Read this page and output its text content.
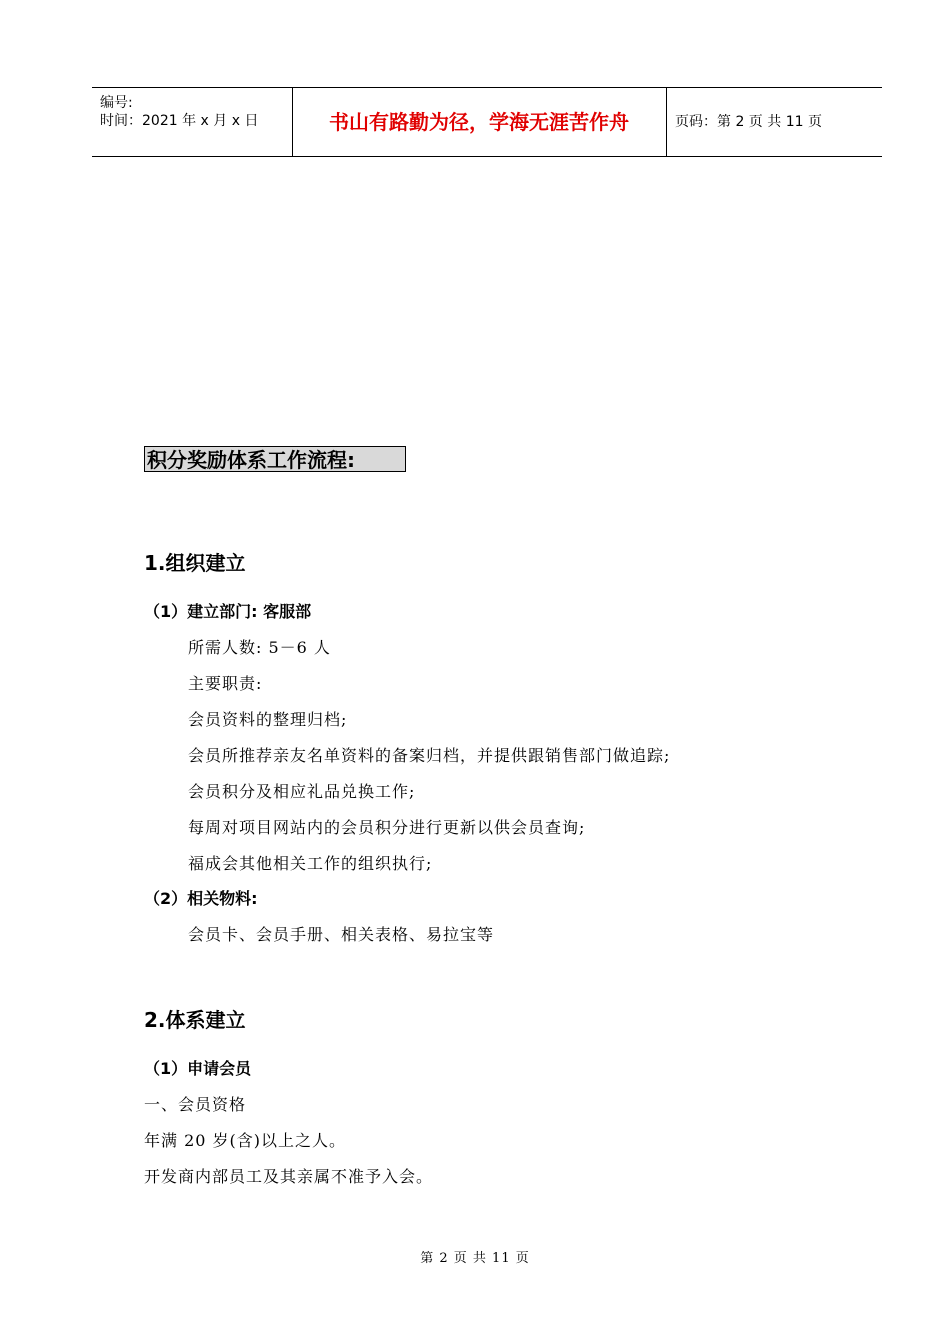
编号:
时间：2021 年 x 月 x 日	书山有路勤为径，学海无涯苦作舟	页码：第 2 页 共 11 页
积分奖励体系工作流程:
1.组织建立
（1）建立部门: 客服部
所需人数: 5－6 人
主要职责:
会员资料的整理归档;
会员所推荐亲友名单资料的备案归档，并提供跟销售部门做追踪;
会员积分及相应礼品兑换工作;
每周对项目网站内的会员积分进行更新以供会员查询;
福成会其他相关工作的组织执行;
（2）相关物料:
会员卡、会员手册、相关表格、易拉宝等
2.体系建立
（1）申请会员
一、会员资格
年满 20 岁(含)以上之人。
开发商内部员工及其亲属不准予入会。
第 2 页 共 11 页
